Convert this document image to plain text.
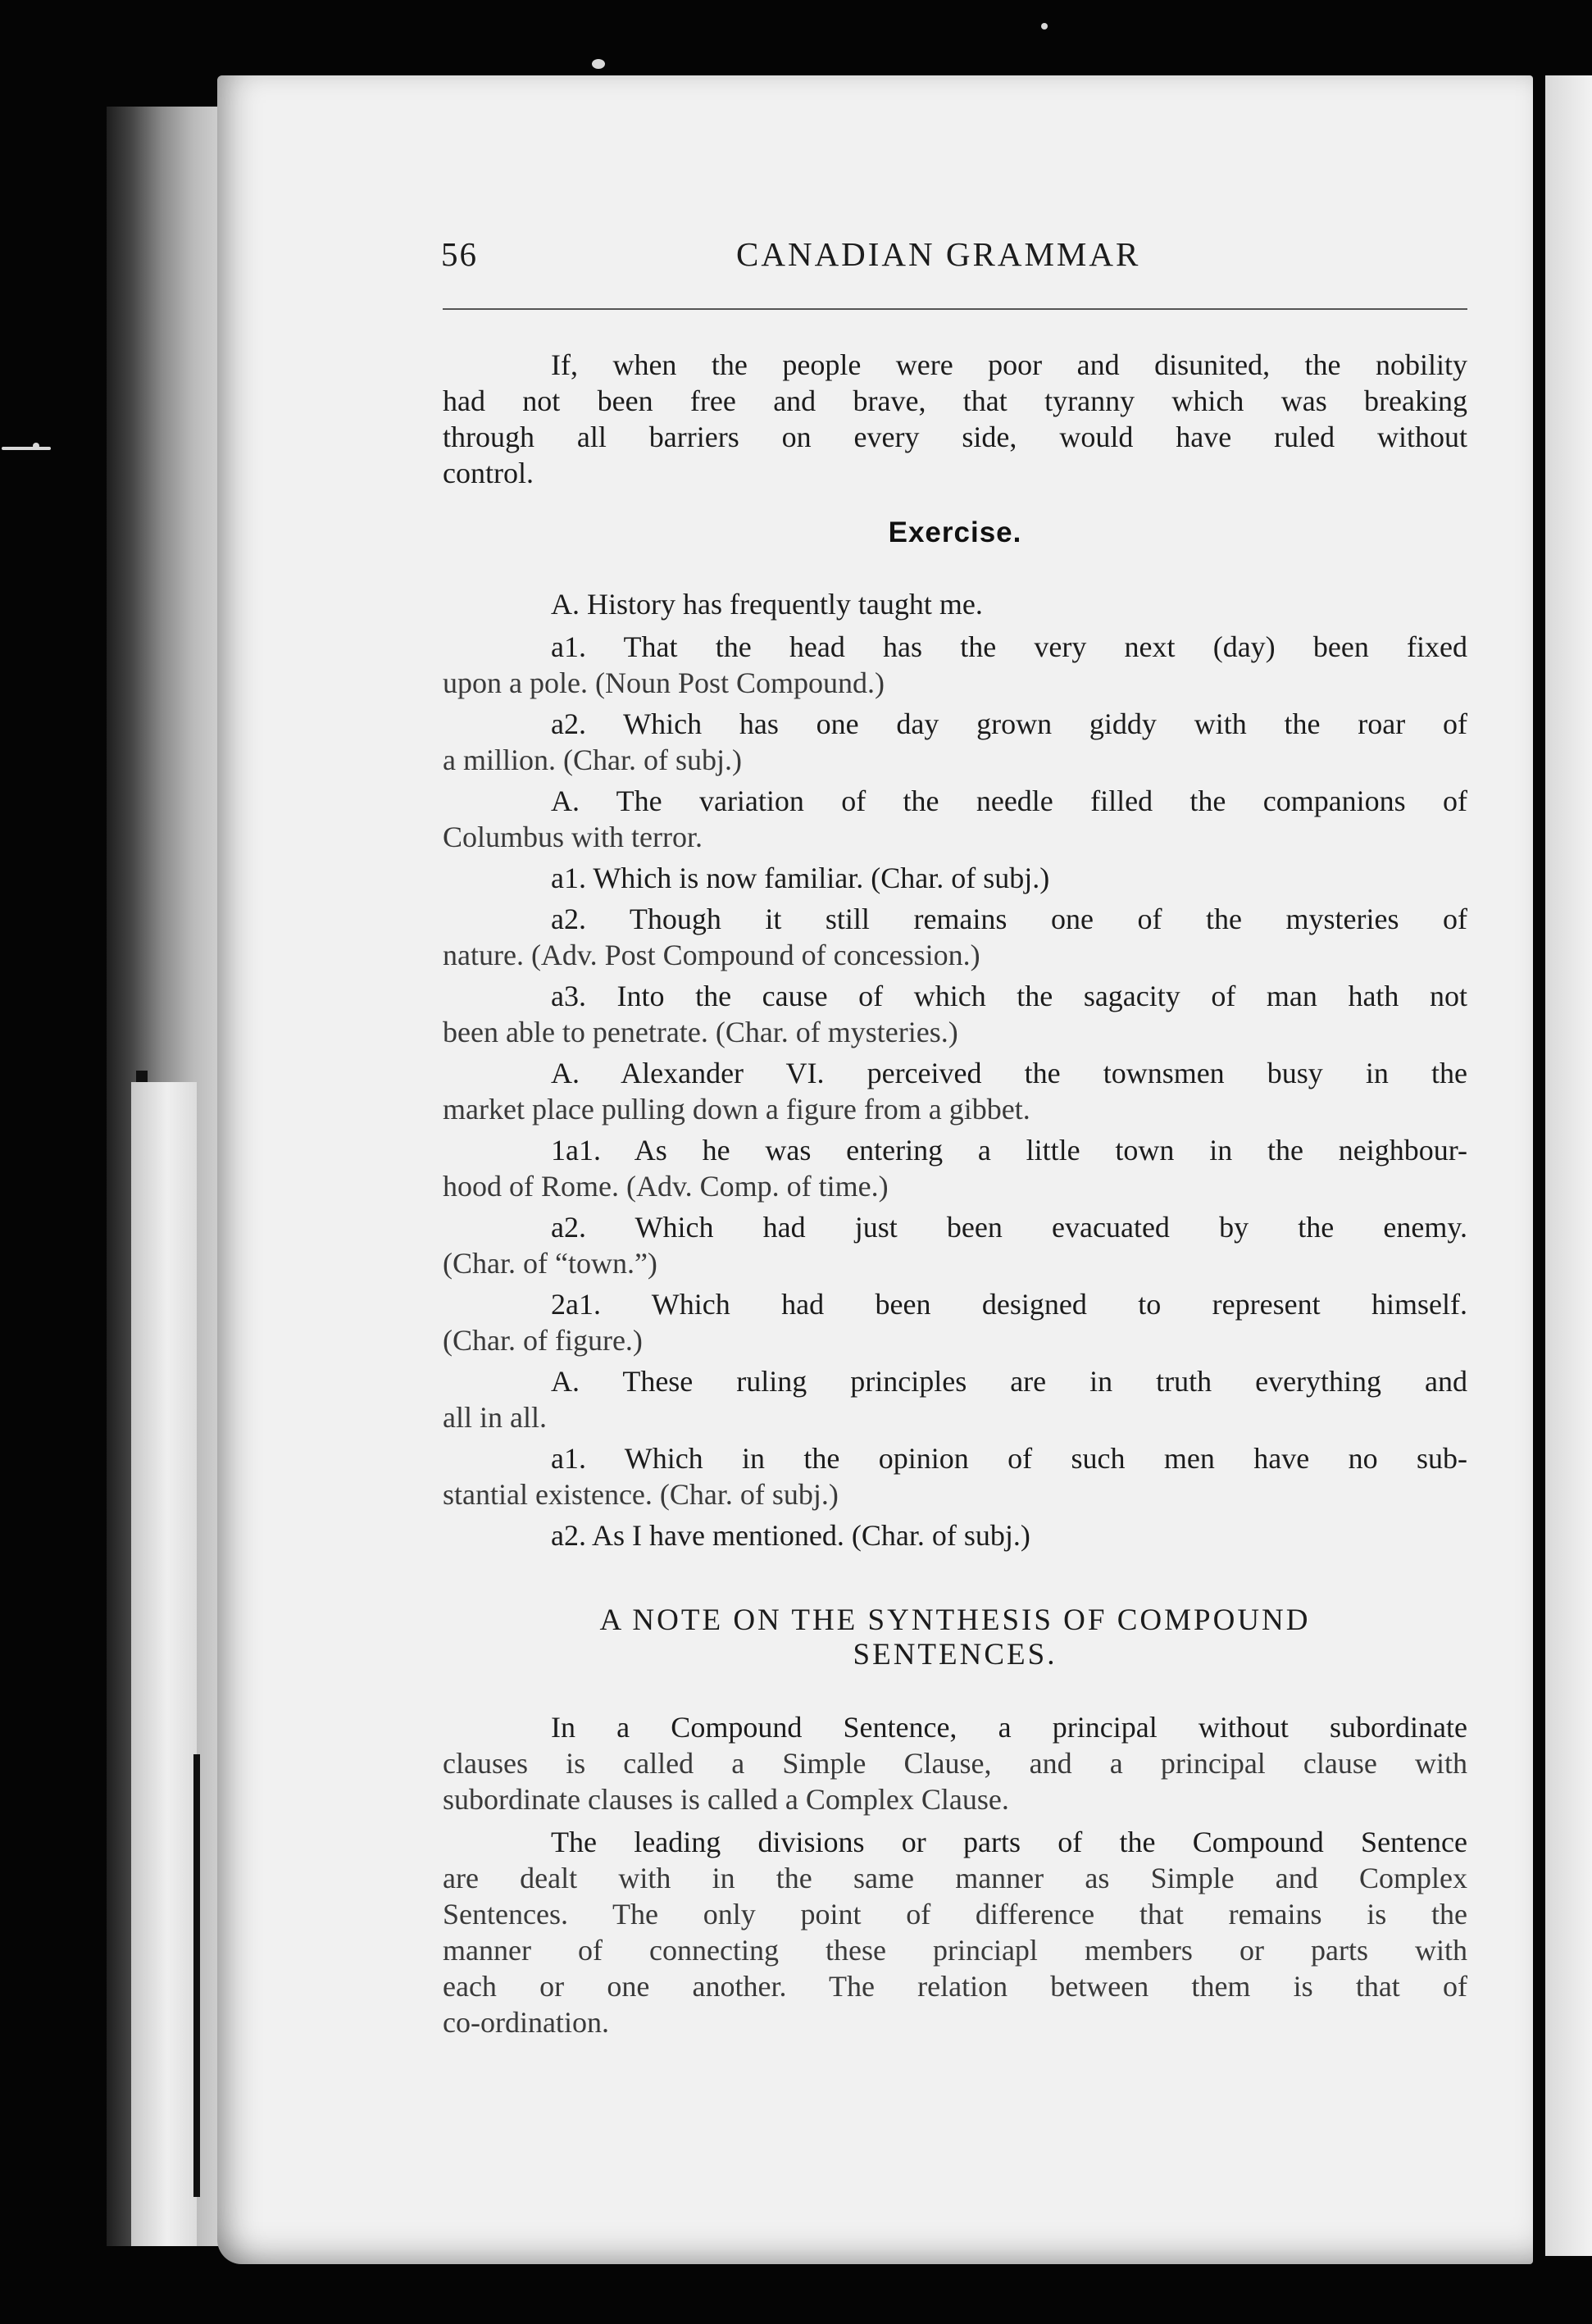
56	CANADIAN GRAMMAR

If, when the people were poor and disunited, the nobility

had not been free and brave, that tyranny which was breaking

through all barriers on every side, would have ruled without

control.

Exercise.

A. History has frequently taught me.

a1. That the head has the very next (day) been fixed

upon a pole. (Noun Post Compound.)

a2. Which has one day grown giddy with the roar of

a million. (Char. of subj.)

A. The variation of the needle filled the companions of

Columbus with terror.

a1. Which is now familiar. (Char. of subj.)

a2. Though it still remains one of the mysteries of

nature. (Adv. Post Compound of concession.)

a3. Into the cause of which the sagacity of man hath not

been able to penetrate. (Char. of mysteries.)

A. Alexander VI. perceived the townsmen busy in the

market place pulling down a figure from a gibbet.

1a1. As he was entering a little town in the neighbour-

hood of Rome. (Adv. Comp. of time.)

a2. Which had just been evacuated by the enemy.

(Char. of “town.”)

2a1. Which had been designed to represent himself.

(Char. of figure.)

A. These ruling principles are in truth everything and

all in all.

a1. Which in the opinion of such men have no sub-

stantial existence. (Char. of subj.)

a2. As I have mentioned. (Char. of subj.)

A NOTE ON THE SYNTHESIS OF COMPOUND
SENTENCES.

In a Compound Sentence, a principal without subordinate

clauses is called a Simple Clause, and a principal clause with

subordinate clauses is called a Complex Clause.

The leading divisions or parts of the Compound Sentence

are dealt with in the same manner as Simple and Complex

Sentences. The only point of difference that remains is the

manner of connecting these princiapl members or parts with

each or one another. The relation between them is that of

co-ordination.
